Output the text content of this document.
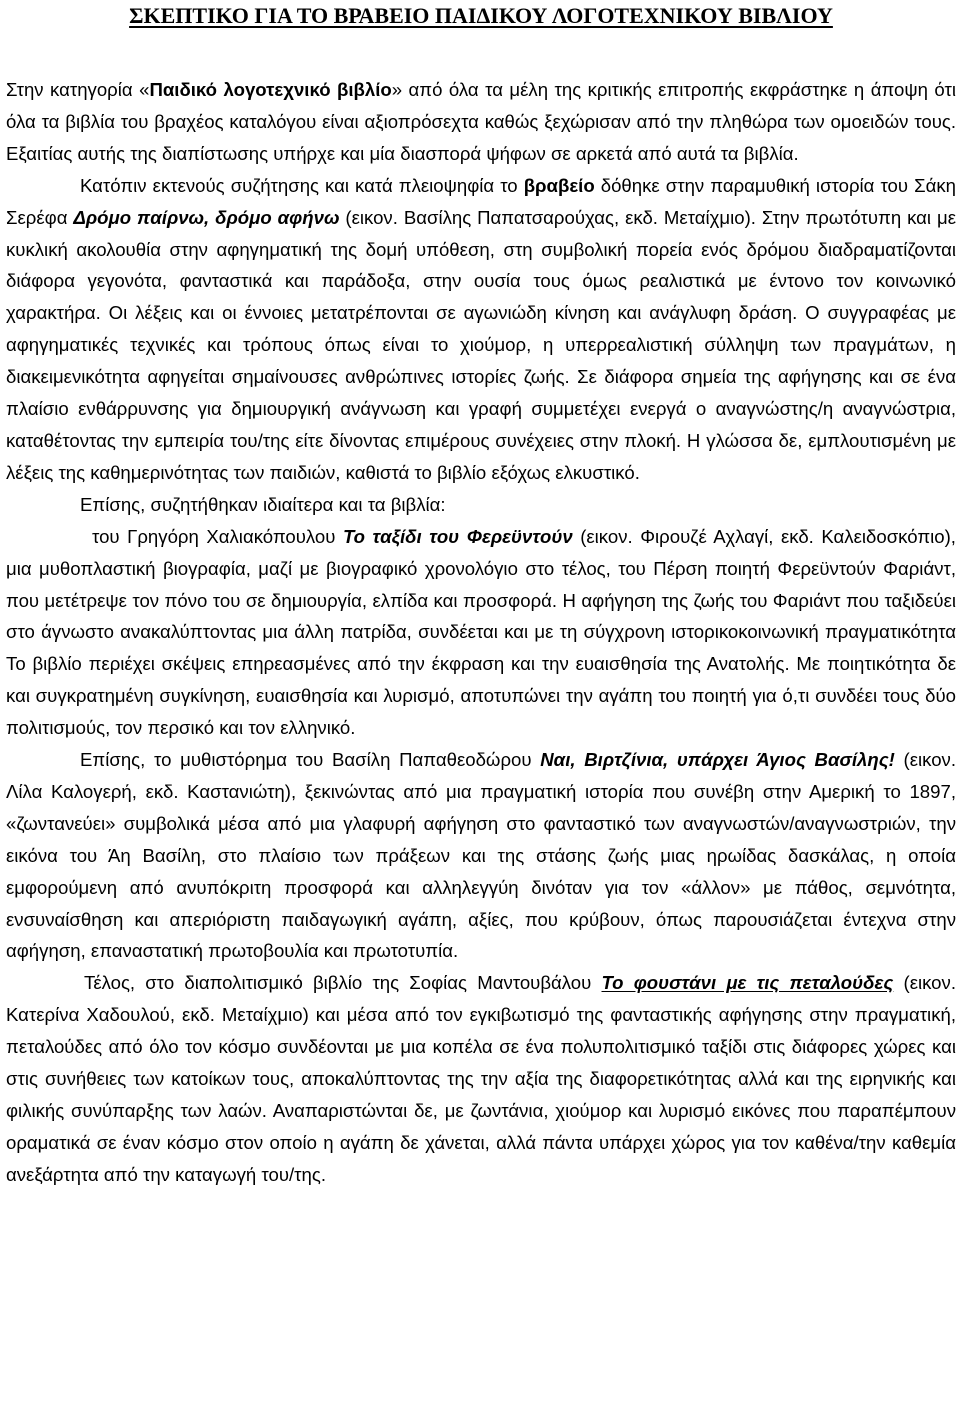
ΣΚΕΠΤΙΚΟ ΓΙΑ ΤΟ ΒΡΑΒΕΙΟ ΠΑΙΔΙΚΟΥ ΛΟΓΟΤΕΧΝΙΚΟΥ ΒΙΒΛΙΟΥ

Στην κατηγορία «Παιδικό λογοτεχνικό βιβλίο» από όλα τα μέλη της κριτικής επιτροπής εκφράστηκε η άποψη ότι όλα τα βιβλία του βραχέος καταλόγου είναι αξιοπρόσεχτα καθώς ξεχώρισαν από την πληθώρα των ομοειδών τους. Εξαιτίας αυτής της διαπίστωσης υπήρχε και μία διασπορά ψήφων σε αρκετά από αυτά τα βιβλία.

Κατόπιν εκτενούς συζήτησης και κατά πλειοψηφία το βραβείο δόθηκε στην παραμυθική ιστορία του Σάκη Σερέφα Δρόμο παίρνω, δρόμο αφήνω (εικον. Βασίλης Παπατσαρούχας, εκδ. Μεταίχμιο). Στην πρωτότυπη και με κυκλική ακολουθία στην αφηγηματική της δομή υπόθεση, στη συμβολική πορεία ενός δρόμου διαδραματίζονται διάφορα γεγονότα, φανταστικά και παράδοξα, στην ουσία τους όμως ρεαλιστικά με έντονο τον κοινωνικό χαρακτήρα. Οι λέξεις και οι έννοιες μετατρέπονται σε αγωνιώδη κίνηση και ανάγλυφη δράση. Ο συγγραφέας με αφηγηματικές τεχνικές και τρόπους όπως είναι το χιούμορ, η υπερρεαλιστική σύλληψη των πραγμάτων, η διακειμενικότητα αφηγείται σημαίνουσες ανθρώπινες ιστορίες ζωής. Σε διάφορα σημεία της αφήγησης και σε ένα πλαίσιο ενθάρρυνσης για δημιουργική ανάγνωση και γραφή συμμετέχει ενεργά ο αναγνώστης/η αναγνώστρια, καταθέτοντας την εμπειρία του/της είτε δίνοντας επιμέρους συνέχειες στην πλοκή. Η γλώσσα δε, εμπλουτισμένη με λέξεις της καθημερινότητας των παιδιών, καθιστά το βιβλίο εξόχως ελκυστικό.

Επίσης, συζητήθηκαν ιδιαίτερα και τα βιβλία:

του Γρηγόρη Χαλιακόπουλου Το ταξίδι του Φερεϋντούν (εικον. Φιρουζέ Αχλαγί, εκδ. Καλειδοσκόπιο), μια μυθοπλαστική βιογραφία, μαζί με βιογραφικό χρονολόγιο στο τέλος, του Πέρση ποιητή Φερεϋντούν Φαριάντ, που μετέτρεψε τον πόνο του σε δημιουργία, ελπίδα και προσφορά. Η αφήγηση της ζωής του Φαριάντ που ταξιδεύει στο άγνωστο ανακαλύπτοντας μια άλλη πατρίδα, συνδέεται και με τη σύγχρονη ιστορικοκοινωνική πραγματικότητα Το βιβλίο περιέχει σκέψεις επηρεασμένες από την έκφραση και την ευαισθησία της Ανατολής. Με ποιητικότητα δε και συγκρατημένη συγκίνηση, ευαισθησία και λυρισμό, αποτυπώνει την αγάπη του ποιητή για ό,τι συνδέει τους δύο πολιτισμούς, τον περσικό και τον ελληνικό.

Επίσης, το μυθιστόρημα του Βασίλη Παπαθεοδώρου Ναι, Βιρτζίνια, υπάρχει Άγιος Βασίλης! (εικον. Λίλα Καλογερή, εκδ. Καστανιώτη), ξεκινώντας από μια πραγματική ιστορία που συνέβη στην Αμερική το 1897, «ζωντανεύει» συμβολικά μέσα από μια γλαφυρή αφήγηση στο φανταστικό των αναγνωστών/αναγνωστριών, την εικόνα του Άη Βασίλη, στο πλαίσιο των πράξεων και της στάσης ζωής μιας ηρωίδας δασκάλας, η οποία εμφορούμενη από ανυπόκριτη προσφορά και αλληλεγγύη δινόταν για τον «άλλον» με πάθος, σεμνότητα, ενσυναίσθηση και απεριόριστη παιδαγωγική αγάπη, αξίες, που κρύβουν, όπως παρουσιάζεται έντεχνα στην αφήγηση, επαναστατική πρωτοβουλία και πρωτοτυπία.

Τέλος, στο διαπολιτισμικό βιβλίο της Σοφίας Μαντουβάλου Το φουστάνι με τις πεταλούδες (εικον. Κατερίνα Χαδουλού, εκδ. Μεταίχμιο) και μέσα από τον εγκιβωτισμό της φανταστικής αφήγησης στην πραγματική, πεταλούδες από όλο τον κόσμο συνδέονται με μια κοπέλα σε ένα πολυπολιτισμικό ταξίδι στις διάφορες χώρες και στις συνήθειες των κατοίκων τους, αποκαλύπτοντας της την αξία της διαφορετικότητας αλλά και της ειρηνικής και φιλικής συνύπαρξης των λαών. Αναπαριστώνται δε, με ζωντάνια, χιούμορ και λυρισμό εικόνες που παραπέμπουν οραματικά σε έναν κόσμο στον οποίο η αγάπη δε χάνεται, αλλά πάντα υπάρχει χώρος για τον καθένα/την καθεμία ανεξάρτητα από την καταγωγή του/της.
